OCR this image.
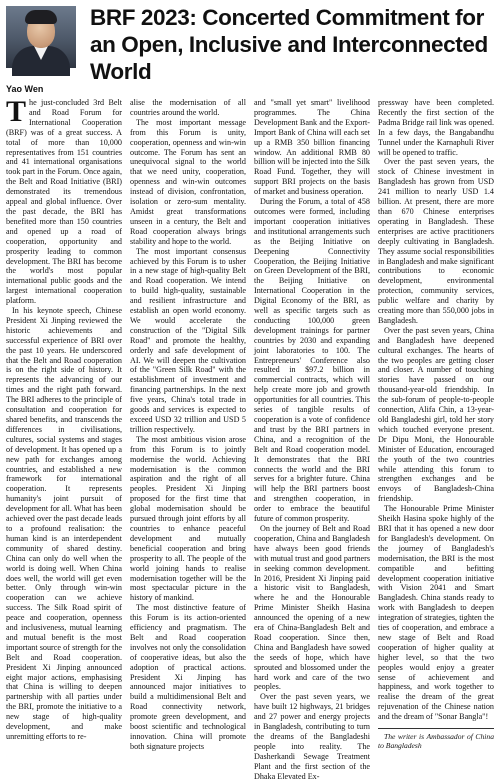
BRF 2023: Concerted Commitment for an Open, Inclusive and Interconnected World
Yao Wen

The just-concluded 3rd Belt and Road Forum for International Cooperation (BRF) was of a great success. A total of more than 10,000 representatives from 151 countries and 41 international organisations took part in the Forum. Once again, the Belt and Road Initiative (BRI) demonstrated its tremendous appeal and global influence. Over the past decade, the BRI has benefited more than 150 countries and opened up a road of cooperation, opportunity and prosperity leading to common development. The BRI has become the world's most popular international public goods and the largest international cooperation platform.

In his keynote speech, Chinese President Xi Jinping reviewed the historic achievements and successful experience of BRI over the past 10 years. He underscored that the Belt and Road cooperation is on the right side of history. It represents the advancing of our times and the right path forward. The BRI adheres to the principle of consultation and cooperation for shared benefits, and transcends the differences in civilisations, cultures, social systems and stages of development. It has opened up a new path for exchanges among countries, and established a new framework for international cooperation. It represents humanity's joint pursuit of development for all. What has been achieved over the past decade leads to a profound realisation: the human kind is an interdependent community of shared destiny. China can only do well when the world is doing well. When China does well, the world will get even better. Only through win-win cooperation can we achieve success. The Silk Road spirit of peace and cooperation, openness and inclusiveness, mutual learning and mutual benefit is the most important source of strength for the Belt and Road cooperation. President Xi Jinping announced eight major actions, emphasising that China is willing to deepen partnership with all parties under the BRI, promote the initiative to a new stage of high-quality development, and make unremitting efforts to re-

alise the modernisation of all countries around the world.

The most important message from this Forum is unity, cooperation, openness and win-win outcome. The Forum has sent an unequivocal signal to the world that we need unity, cooperation, openness and win-win outcomes instead of division, confrontation, isolation or zero-sum mentality. Amidst great transformations unseen in a century, the Belt and Road cooperation always brings stability and hope to the world.

The most important consensus achieved by this Forum is to usher in a new stage of high-quality Belt and Road cooperation. We intend to build high-quality, sustainable and resilient infrastructure and establish an open world economy. We would accelerate the construction of the "Digital Silk Road" and promote the healthy, orderly and safe development of AI. We will deepen the cultivation of the "Green Silk Road" with the establishment of investment and financing partnerships. In the next five years, China's total trade in goods and services is expected to exceed USD 32 trillion and USD 5 trillion respectively.

The most ambitious vision arose from this Forum is to jointly modernise the world. Achieving modernisation is the common aspiration and the right of all peoples. President Xi Jinping proposed for the first time that global modernisation should be pursued through joint efforts by all countries to enhance peaceful development and mutually beneficial cooperation and bring prosperity to all. The people of the world joining hands to realise modernisation together will be the most spectacular picture in the history of mankind.

The most distinctive feature of this Forum is its action-oriented efficiency and pragmatism. The Belt and Road cooperation involves not only the consolidation of cooperative ideas, but also the adoption of practical actions. President Xi Jinping has announced major initiatives to build a multidimensional Belt and Road connectivity network, promote green development, and boost scientific and technological innovation. China will promote both signature projects

and "small yet smart" livelihood programmes. The China Development Bank and the Export-Import Bank of China will each set up a RMB 350 billion financing window. An additional RMB 80 billion will be injected into the Silk Road Fund. Together, they will support BRI projects on the basis of market and business operation.

During the Forum, a total of 458 outcomes were formed, including important cooperation initiatives and institutional arrangements such as the Beijing Initiative on Deepening Connectivity Cooperation, the Beijing Initiative on Green Development of the BRI, the Beijing Initiative on International Cooperation in the Digital Economy of the BRI, as well as specific targets such as conducting 100,000 green development trainings for partner countries by 2030 and expanding joint laboratories to 100. The Entrepreneurs' Conference also resulted in $97.2 billion in commercial contracts, which will help create more job and growth opportunities for all countries. This series of tangible results of cooperation is a vote of confidence and trust by the BRI partners in China, and a recognition of the Belt and Road cooperation model. It demonstrates that the BRI connects the world and the BRI serves for a brighter future. China will help the BRI partners boost and strengthen cooperation, in order to embrace the beautiful future of common prosperity.

On the journey of Belt and Road cooperation, China and Bangladesh have always been good friends with mutual trust and good partners in seeking common development. In 2016, President Xi Jinping paid a historic visit to Bangladesh, where he and the Honourable Prime Minister Sheikh Hasina announced the opening of a new era of China-Bangladesh Belt and Road cooperation. Since then, China and Bangladesh have sowed the seeds of hope, which have sprouted and blossomed under the hard work and care of the two peoples.

Over the past seven years, we have built 12 highways, 21 bridges and 27 power and energy projects in Bangladesh, contributing to turn the dreams of the Bangladeshi people into reality. The Dasherkandi Sewage Treatment Plant and the first section of the Dhaka Elevated Ex-

pressway have been completed. Recently the first section of the Padma Bridge rail link was opened. In a few days, the Bangabandhu Tunnel under the Karnaphuli River will be opened to traffic.

Over the past seven years, the stock of Chinese investment in Bangladesh has grown from USD 241 million to nearly USD 1.4 billion. At present, there are more than 670 Chinese enterprises operating in Bangladesh. These enterprises are active practitioners deeply cultivating in Bangladesh. They assume social responsibilities in Bangladesh and make significant contributions to economic development, environmental protection, community services, public welfare and charity by creating more than 550,000 jobs in Bangladesh.

Over the past seven years, China and Bangladesh have deepened cultural exchanges. The hearts of the two peoples are getting closer and closer. A number of touching stories have passed on our thousand-year-old friendship. In the sub-forum of people-to-people connection, Alifa Chin, a 13-year-old Bangladeshi girl, told her story which touched everyone present. Dr Dipu Moni, the Honourable Minister of Education, encouraged the youth of the two countries while attending this forum to strengthen exchanges and be envoys of Bangladesh-China friendship.

The Honourable Prime Minister Sheikh Hasina spoke highly of the BRI that it has opened a new door for Bangladesh's development. On the journey of Bangladesh's modernisation, the BRI is the most compatible and befitting development cooperation initiative with Vision 2041 and Smart Bangladesh. China stands ready to work with Bangladesh to deepen integration of strategies, tighten the ties of cooperation, and embrace a new stage of Belt and Road cooperation of higher quality at higher level, so that the two peoples would enjoy a greater sense of achievement and happiness, and work together to realise the dream of the great rejuvenation of the Chinese nation and the dream of "Sonar Bangla"!

The writer is Ambassador of China to Bangladesh
